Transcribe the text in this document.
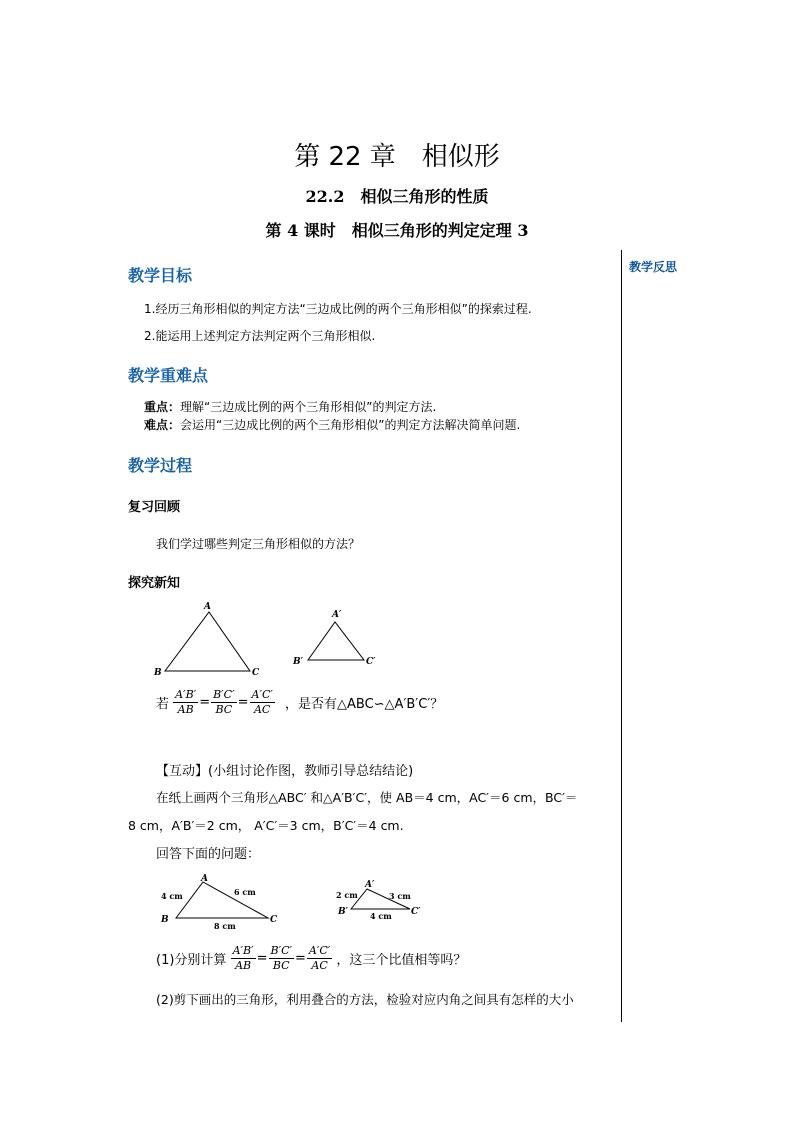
第 22 章　相似形
22.2　相似三角形的性质
第 4 课时　相似三角形的判定定理 3
教学反思
教学目标
1.经历三角形相似的判定方法“三边成比例的两个三角形相似”的探索过程.
2.能运用上述判定方法判定两个三角形相似.
教学重难点
重点：理解“三边成比例的两个三角形相似”的判定方法.
难点：会运用“三边成比例的两个三角形相似”的判定方法解决简单问题.
教学过程
复习回顾
我们学过哪些判定三角形相似的方法？
探究新知
A
B	C
A′
B′	C′
若 $\frac{A'B'}{AB} = \frac{B'C'}{BC} = \frac{A'C'}{AC}$ ，是否有△ABC∽△A′B′C′？
【互动】(小组讨论作图，教师引导总结结论)
在纸上画两个三角形△ABC′ 和△A′B′C′，使 AB＝4 cm，AC′＝6 cm，BC′＝
8 cm，A′B′＝2 cm， A′C′＝3 cm，B′C′＝4 cm.
回答下面的问题：
A
B	C
4 cm	6 cm
8 cm
A′
B′	C′
2 cm	3 cm
4 cm
(1)分别计算 $\frac{A'B'}{AB} = \frac{B'C'}{BC} = \frac{A'C'}{AC}$ ，这三个比值相等吗？
(2)剪下画出的三角形，利用叠合的方法，检验对应内角之间具有怎样的大小
